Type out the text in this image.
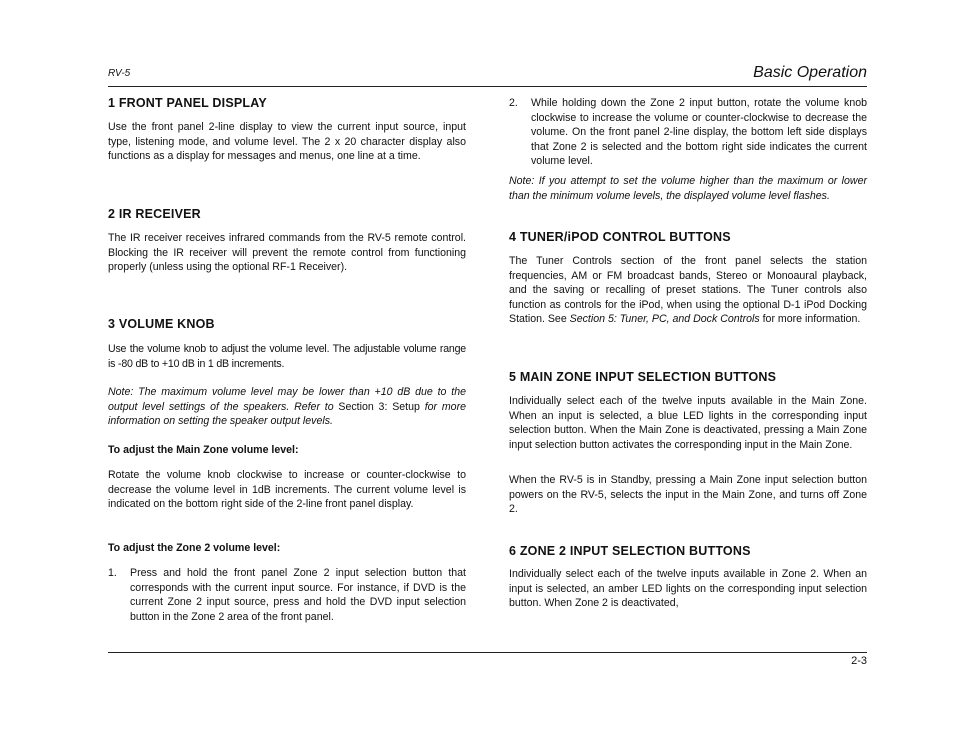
RV-5	Basic Operation
1 FRONT PANEL DISPLAY
Use the front panel 2-line display to view the current input source, input type, listening mode, and volume level. The 2 x 20 character display also functions as a display for messages and menus, one line at a time.
2 IR RECEIVER
The IR receiver receives infrared commands from the RV-5 remote control. Blocking the IR receiver will prevent the remote control from functioning properly (unless using the optional RF-1 Receiver).
3 VOLUME KNOB
Use the volume knob to adjust the volume level. The adjustable volume range is -80 dB to +10 dB in 1 dB increments.
Note: The maximum volume level may be lower than +10 dB due to the output level settings of the speakers. Refer to Section 3: Setup for more information on setting the speaker output levels.
To adjust the Main Zone volume level:
Rotate the volume knob clockwise to increase or counter-clockwise to decrease the volume level in 1dB increments. The current volume level is indicated on the bottom right side of the 2-line front panel display.
To adjust the Zone 2 volume level:
1. Press and hold the front panel Zone 2 input selection button that corresponds with the current input source. For instance, if DVD is the current Zone 2 input source, press and hold the DVD input selection button in the Zone 2 area of the front panel.
2. While holding down the Zone 2 input button, rotate the volume knob clockwise to increase the volume or counter-clockwise to decrease the volume. On the front panel 2-line display, the bottom left side displays that Zone 2 is selected and the bottom right side indicates the current volume level.
Note: If you attempt to set the volume higher than the maximum or lower than the minimum volume levels, the displayed volume level flashes.
4 TUNER/iPOD CONTROL BUTTONS
The Tuner Controls section of the front panel selects the station frequencies, AM or FM broadcast bands, Stereo or Monoaural playback, and the saving or recalling of preset stations. The Tuner controls also function as controls for the iPod, when using the optional D-1 iPod Docking Station. See Section 5: Tuner, PC, and Dock Controls for more information.
5 MAIN ZONE INPUT SELECTION BUTTONS
Individually select each of the twelve inputs available in the Main Zone. When an input is selected, a blue LED lights in the corresponding input selection button. When the Main Zone is deactivated, pressing a Main Zone input selection button activates the corresponding input in the Main Zone.
When the RV-5 is in Standby, pressing a Main Zone input selection button powers on the RV-5, selects the input in the Main Zone, and turns off Zone 2.
6 ZONE 2 INPUT SELECTION BUTTONS
Individually select each of the twelve inputs available in Zone 2. When an input is selected, an amber LED lights on the corresponding input selection button. When Zone 2 is deactivated,
2-3
